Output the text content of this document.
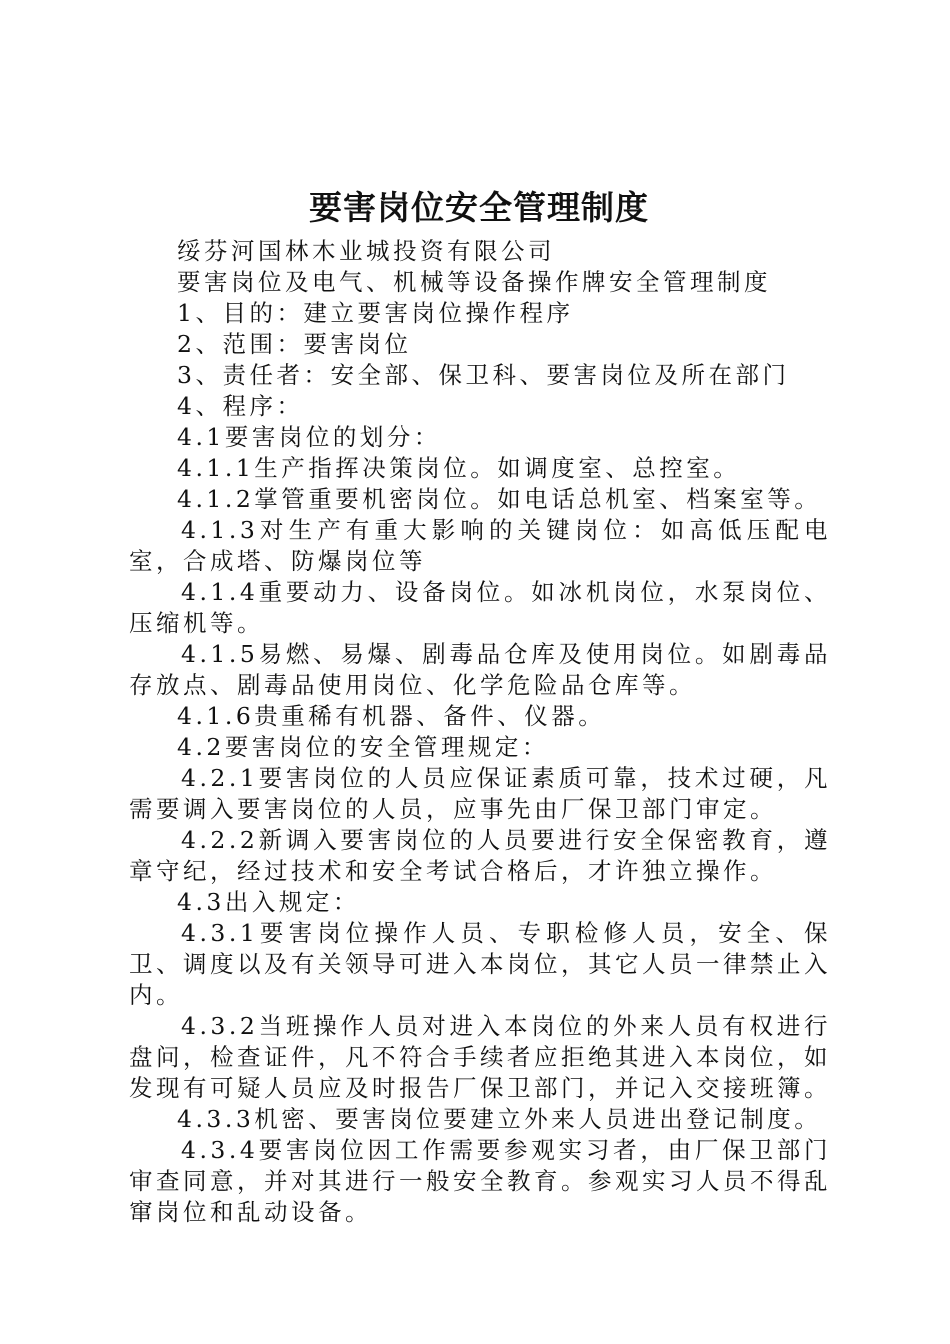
要害岗位安全管理制度

绥芬河国林木业城投资有限公司

要害岗位及电气、机械等设备操作牌安全管理制度

1、目的：建立要害岗位操作程序

2、范围：要害岗位

3、责任者：安全部、保卫科、要害岗位及所在部门

4、程序：

4.1要害岗位的划分：

4.1.1生产指挥决策岗位。如调度室、总控室。

4.1.2掌管重要机密岗位。如电话总机室、档案室等。

4.1.3对生产有重大影响的关键岗位：如高低压配电室，合成塔、防爆岗位等

4.1.4重要动力、设备岗位。如冰机岗位，水泵岗位、压缩机等。

4.1.5易燃、易爆、剧毒品仓库及使用岗位。如剧毒品存放点、剧毒品使用岗位、化学危险品仓库等。

4.1.6贵重稀有机器、备件、仪器。

4.2要害岗位的安全管理规定：

4.2.1要害岗位的人员应保证素质可靠，技术过硬，凡需要调入要害岗位的人员，应事先由厂保卫部门审定。

4.2.2新调入要害岗位的人员要进行安全保密教育，遵章守纪，经过技术和安全考试合格后，才许独立操作。

4.3出入规定：

4.3.1要害岗位操作人员、专职检修人员，安全、保卫、调度以及有关领导可进入本岗位，其它人员一律禁止入内。

4.3.2当班操作人员对进入本岗位的外来人员有权进行盘问，检查证件，凡不符合手续者应拒绝其进入本岗位，如发现有可疑人员应及时报告厂保卫部门，并记入交接班簿。

4.3.3机密、要害岗位要建立外来人员进出登记制度。

4.3.4要害岗位因工作需要参观实习者，由厂保卫部门审查同意，并对其进行一般安全教育。参观实习人员不得乱窜岗位和乱动设备。
